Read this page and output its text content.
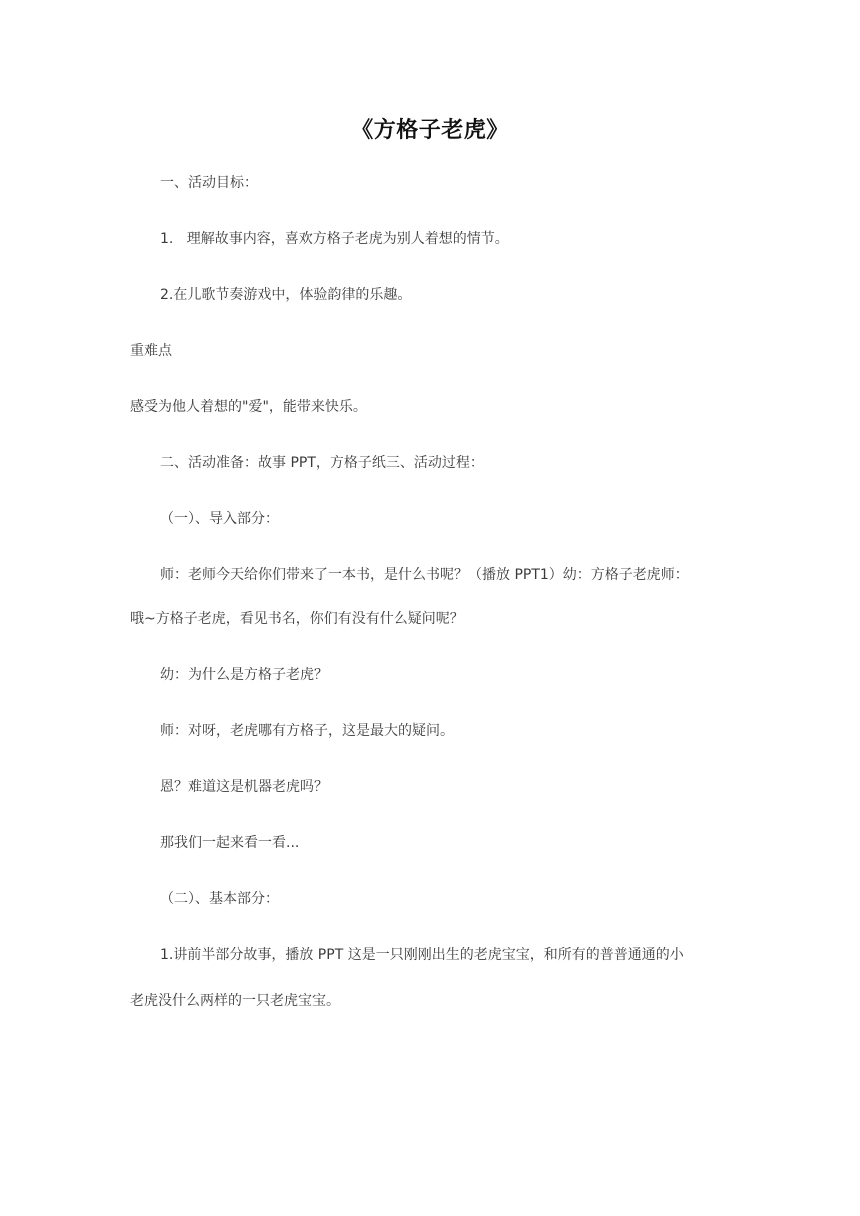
《方格子老虎》
一、活动目标：
1.   理解故事内容，喜欢方格子老虎为别人着想的情节。
2.在儿歌节奏游戏中，体验韵律的乐趣。
重难点
感受为他人着想的"爱"，能带来快乐。
二、活动准备：故事 PPT，方格子纸三、活动过程：
（一）、导入部分：
师：老师今天给你们带来了一本书，是什么书呢？（播放 PPT1）幼：方格子老虎师：
哦~方格子老虎，看见书名，你们有没有什么疑问呢？
幼：为什么是方格子老虎？
师：对呀，老虎哪有方格子，这是最大的疑问。
恩？难道这是机器老虎吗？
那我们一起来看一看...
（二）、基本部分：
1.讲前半部分故事，播放 PPT 这是一只刚刚出生的老虎宝宝，和所有的普普通通的小
老虎没什么两样的一只老虎宝宝。
